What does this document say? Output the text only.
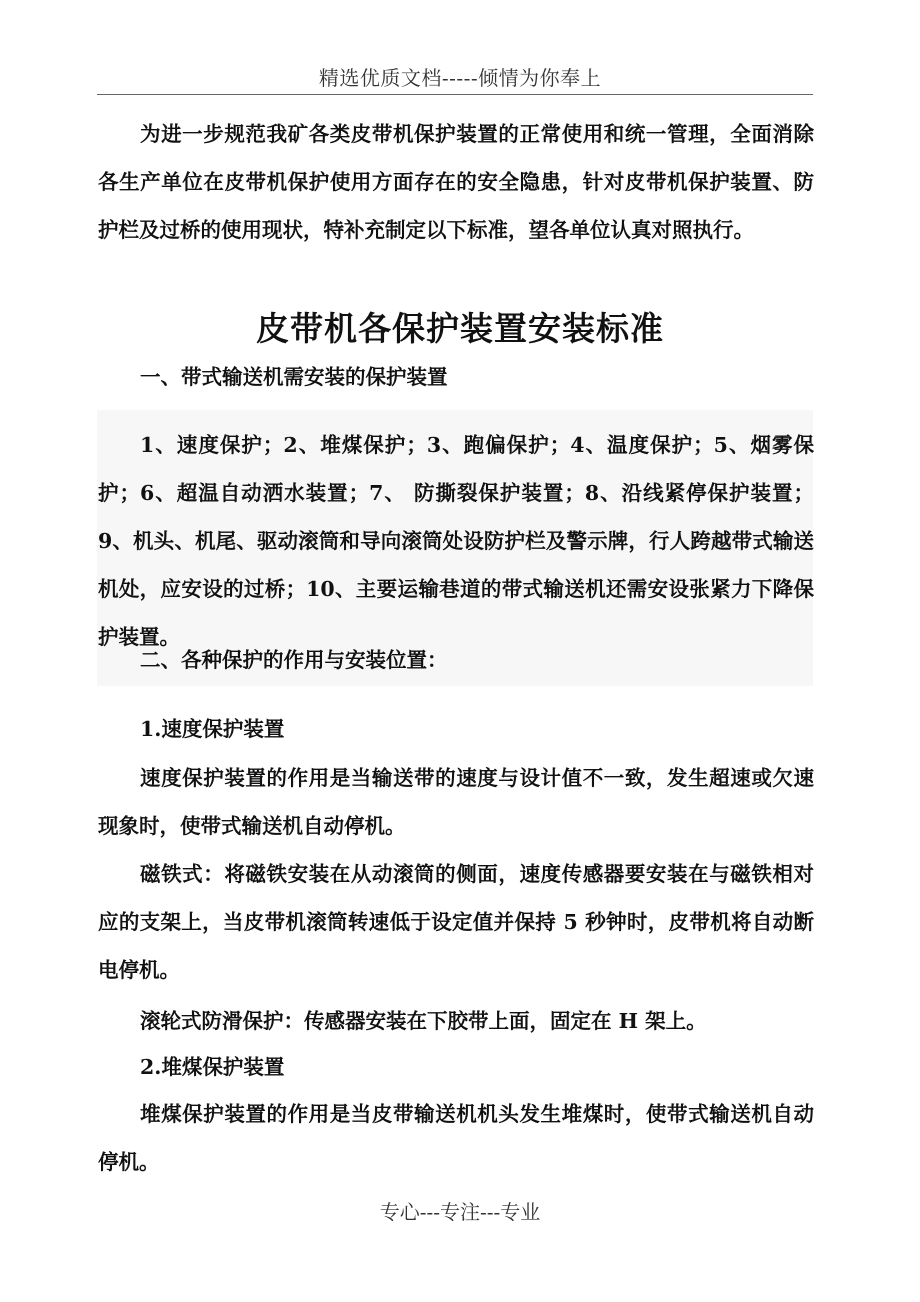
精选优质文档-----倾情为你奉上

为进一步规范我矿各类皮带机保护装置的正常使用和统一管理，全面消除各生产单位在皮带机保护使用方面存在的安全隐患，针对皮带机保护装置、防护栏及过桥的使用现状，特补充制定以下标准，望各单位认真对照执行。

皮带机各保护装置安装标准
一、带式输送机需安装的保护装置

1、速度保护；2、堆煤保护；3、跑偏保护；4、温度保护；5、烟雾保护；6、超温自动洒水装置；7、 防撕裂保护装置；8、沿线紧停保护装置；9、机头、机尾、驱动滚筒和导向滚筒处设防护栏及警示牌，行人跨越带式输送机处，应安设的过桥；10、主要运输巷道的带式输送机还需安设张紧力下降保护装置。

二、各种保护的作用与安装位置：
1.速度保护装置

速度保护装置的作用是当输送带的速度与设计值不一致，发生超速或欠速现象时，使带式输送机自动停机。

磁铁式：将磁铁安装在从动滚筒的侧面，速度传感器要安装在与磁铁相对应的支架上，当皮带机滚筒转速低于设定值并保持 5 秒钟时，皮带机将自动断电停机。

滚轮式防滑保护：传感器安装在下胶带上面，固定在 H 架上。
2.堆煤保护装置

堆煤保护装置的作用是当皮带输送机机头发生堆煤时，使带式输送机自动停机。

专心---专注---专业
